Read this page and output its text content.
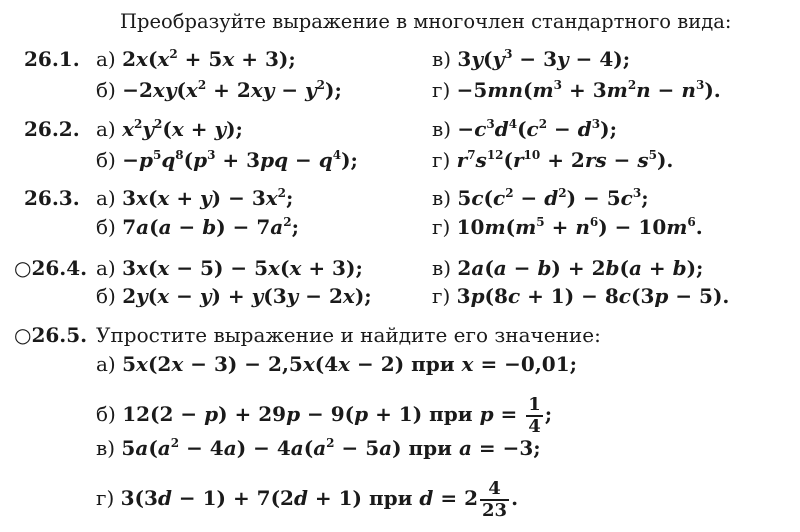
Преобразуйте выражение в многочлен стандартного вида:
26.1. а) $2x(x^2 + 5x + 3)$;
$б) -2xy(x^2 + 2xy - y^2)$;
в) $3y(y^3 - 3y - 4)$;
$г) -5mn(m^3 + 3m^2n - n^3)$.
26.2. а) $x^2y^2(x + y)$;
$б) -p^5q^8(p^3 + 3pq - q^4)$;
$в) -c^3d^4(c^2 - d^3)$;
г) $r^7s^{12}(r^{10} + 2rs - s^5)$.
26.3. а) $3x(x + y) - 3x^2$;
б) $7a(a - b) - 7a^2$;
в) $5c(c^2 - d^2) - 5c^3$;
г) $10m(m^5 + n^6) - 10m^6$.
○26.4. а) 3x(x − 5) − 5x(x + 3);
б) 2y(x − y) + y(3y − 2x);
в) 2a(a − b) + 2b(a + b);
г) 3p(8c + 1) − 8c(3p − 5).
○26.5. Упростите выражение и найдите его значение:
а) 5x(2x − 3) − 2,5x(4x − 2) при x = −0,01;
б) 12(2 − p) + 29p − 9(p + 1) при $p = \frac{1}{4}$ ;
в) $5a(a^2 - 4a) - 4a(a^2 - 5a)$ при a = −3;
г) 3(3d − 1) + 7(2d + 1) при $d = 2 \frac{4}{23}$ .
